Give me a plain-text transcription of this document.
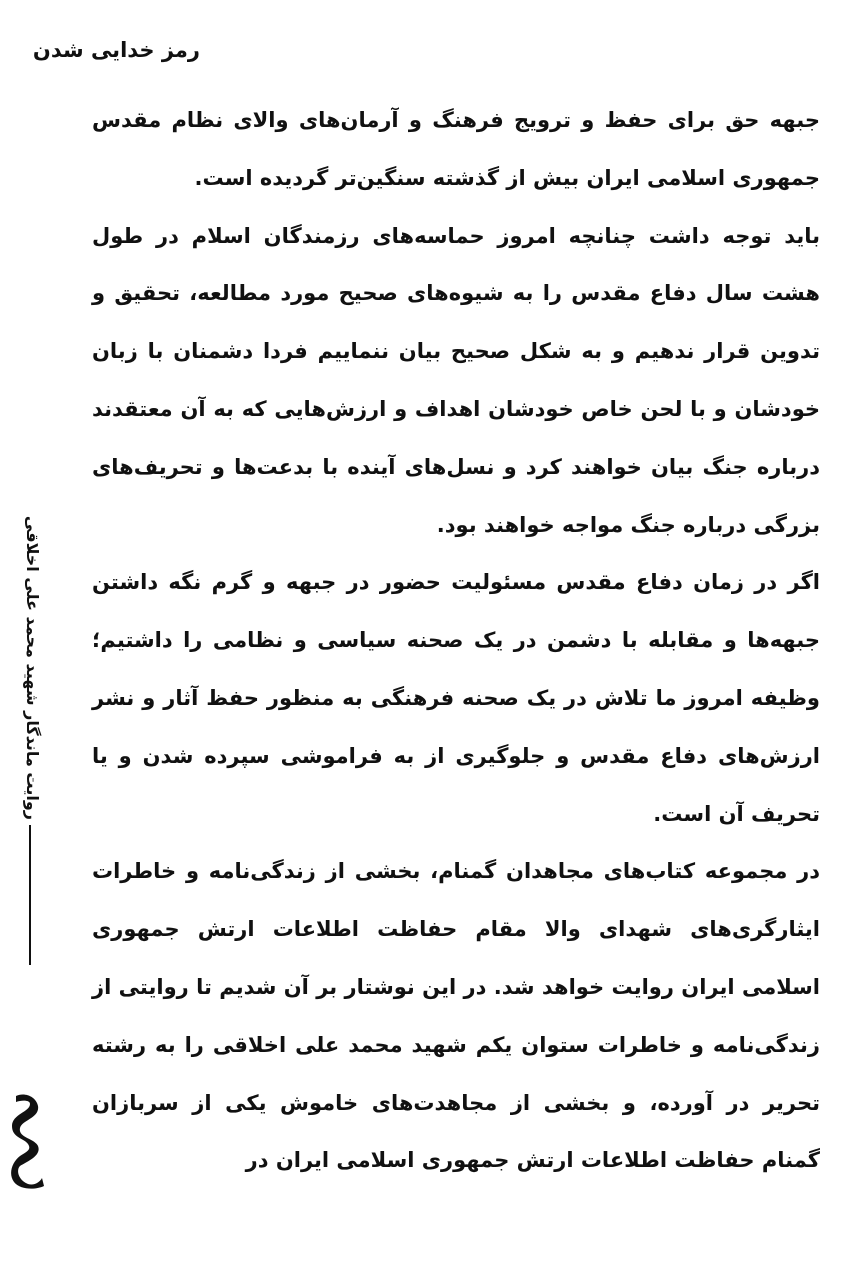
رمز خدایی شدن

جبهه حق برای حفظ و ترویج فرهنگ و آرمان‌های والای نظام مقدس جمهوری اسلامی ایران بیش از گذشته سنگین‌تر گردیده است.

باید توجه داشت چنانچه امروز حماسه‌های رزمندگان اسلام در طول هشت سال دفاع مقدس را به شیوه‌های صحیح مورد مطالعه، تحقیق و تدوین قرار ندهیم و به شکل صحیح بیان ننماییم فردا دشمنان با زبان خودشان و با لحن خاص خودشان اهداف و ارزش‌هایی که به آن معتقدند درباره جنگ بیان خواهند کرد و نسل‌های آینده با بدعت‌ها و تحریف‌های بزرگی درباره جنگ مواجه خواهند بود.

اگر در زمان دفاع مقدس مسئولیت حضور در جبهه و گرم نگه داشتن جبهه‌ها و مقابله با دشمن در یک صحنه سیاسی و نظامی را داشتیم؛ وظیفه امروز ما تلاش در یک صحنه فرهنگی به منظور حفظ آثار و نشر ارزش‌های دفاع مقدس و جلوگیری از به فراموشی سپرده شدن و یا تحریف آن است.

در مجموعه کتاب‌های مجاهدان گمنام، بخشی از زندگی‌نامه و خاطرات ایثارگری‌های شهدای والا مقام حفاظت اطلاعات ارتش جمهوری اسلامی ایران روایت خواهد شد. در این نوشتار بر آن شدیم تا روایتی از زندگی‌نامه و خاطرات ستوان یکم شهید محمد علی اخلاقی را به رشته تحریر در آورده، و بخشی از مجاهدت‌های خاموش یکی از سربازان گمنام حفاظت اطلاعات ارتش جمهوری اسلامی ایران در

روایت ماندگار شهید محمد علی اخلاقی
